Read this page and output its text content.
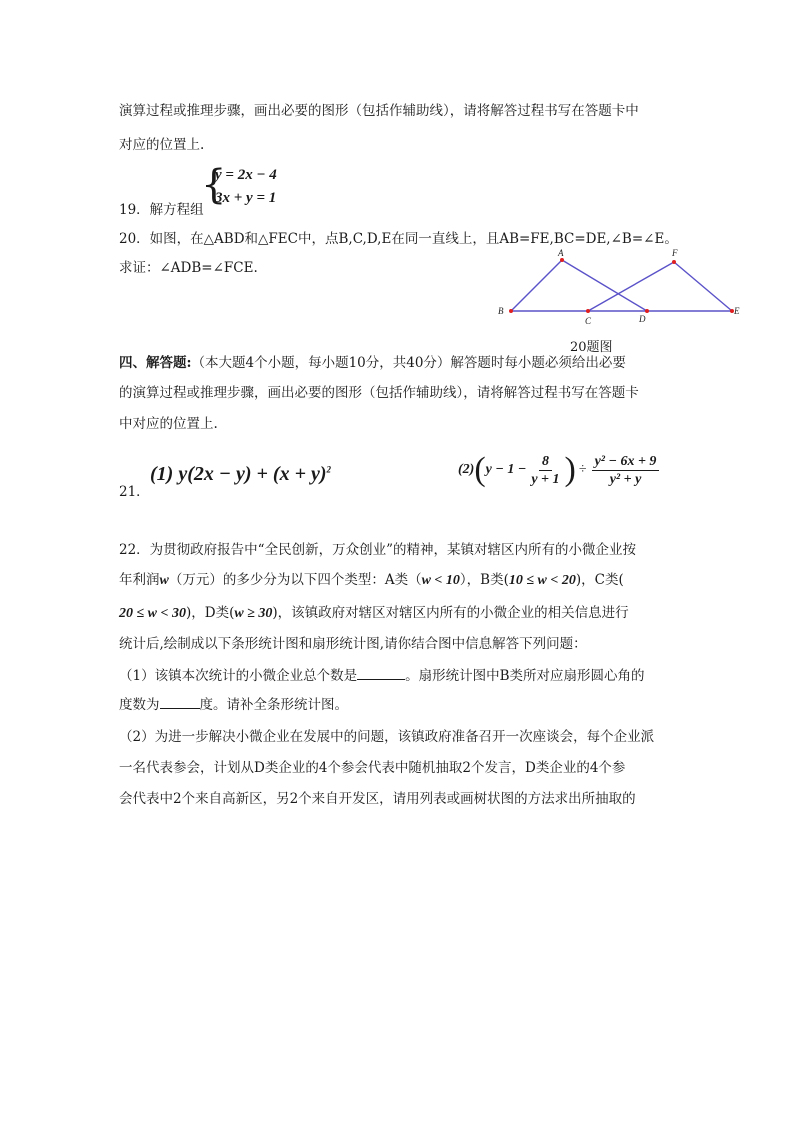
演算过程或推理步骤，画出必要的图形（包括作辅助线），请将解答过程书写在答题卡中
对应的位置上.
19．解方程组
{
y = 2x − 4
3x + y = 1
20．如图，在△ABD和△FEC中，点B,C,D,E在同一直线上，且AB=FE,BC=DE,∠B=∠E。
求证：∠ADB=∠FCE.
A	F
B
C	D
E
20题图
四、解答题:（本大题4个小题，每小题10分，共40分）解答题时每小题必须给出必要
的演算过程或推理步骤，画出必要的图形（包括作辅助线），请将解答过程书写在答题卡
中对应的位置上.
21．
(1) $y(2x - y) + (x + y)^2$	(2) ( $y - 1 - \frac{8}{y + 1}$ ) ÷ $\frac{\text{y² − 6x + 9}}{\text{y² + y}}$
22．为贯彻政府报告中“全民创新，万众创业”的精神，某镇对辖区内所有的小微企业按
年利润w（万元）的多少分为以下四个类型：A类（w < 10），B类(10 ≤ w < 20)，C类(
20 ≤ w < 30)，D类(w ≥ 30)，该镇政府对辖区对辖区内所有的小微企业的相关信息进行
统计后,绘制成以下条形统计图和扇形统计图,请你结合图中信息解答下列问题：
（1）该镇本次统计的小微企业总个数是	。扇形统计图中B类所对应扇形圆心角的
度数为	度。请补全条形统计图。
（2）为进一步解决小微企业在发展中的问题，该镇政府准备召开一次座谈会，每个企业派
一名代表参会，计划从D类企业的4个参会代表中随机抽取2个发言，D类企业的4个参
会代表中2个来自高新区，另2个来自开发区，请用列表或画树状图的方法求出所抽取的
